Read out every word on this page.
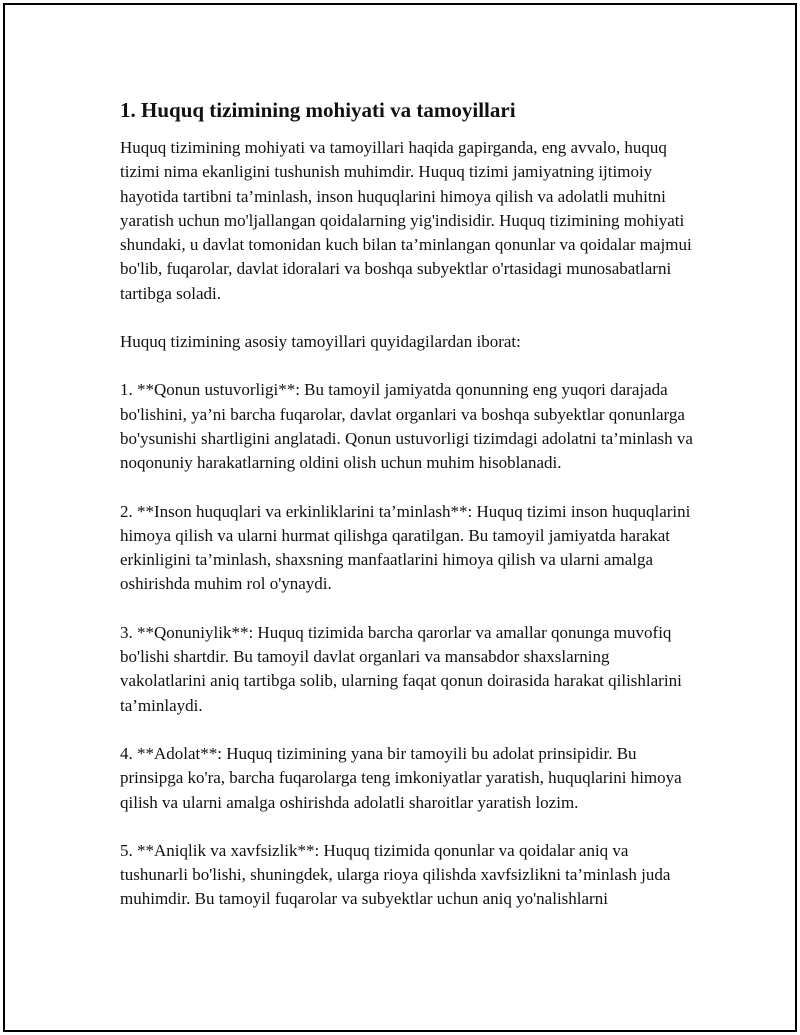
1. Huquq tizimining mohiyati va tamoyillari

Huquq tizimining mohiyati va tamoyillari haqida gapirganda, eng avvalo, huquq tizimi nima ekanligini tushunish muhimdir. Huquq tizimi jamiyatning ijtimoiy hayotida tartibni ta’minlash, inson huquqlarini himoya qilish va adolatli muhitni yaratish uchun mo'ljallangan qoidalarning yig'indisidir. Huquq tizimining mohiyati shundaki, u davlat tomonidan kuch bilan ta’minlangan qonunlar va qoidalar majmui bo'lib, fuqarolar, davlat idoralari va boshqa subyektlar o'rtasidagi munosabatlarni tartibga soladi.

Huquq tizimining asosiy tamoyillari quyidagilardan iborat:

1. **Qonun ustuvorligi**: Bu tamoyil jamiyatda qonunning eng yuqori darajada bo'lishini, ya’ni barcha fuqarolar, davlat organlari va boshqa subyektlar qonunlarga bo'ysunishi shartligini anglatadi. Qonun ustuvorligi tizimdagi adolatni ta’minlash va noqonuniy harakatlarning oldini olish uchun muhim hisoblanadi.

2. **Inson huquqlari va erkinliklarini ta’minlash**: Huquq tizimi inson huquqlarini himoya qilish va ularni hurmat qilishga qaratilgan. Bu tamoyil jamiyatda harakat erkinligini ta’minlash, shaxsning manfaatlarini himoya qilish va ularni amalga oshirishda muhim rol o'ynaydi.

3. **Qonuniylik**: Huquq tizimida barcha qarorlar va amallar qonunga muvofiq bo'lishi shartdir. Bu tamoyil davlat organlari va mansabdor shaxslarning vakolatlarini aniq tartibga solib, ularning faqat qonun doirasida harakat qilishlarini ta’minlaydi.

4. **Adolat**: Huquq tizimining yana bir tamoyili bu adolat prinsipidir. Bu prinsipga ko'ra, barcha fuqarolarga teng imkoniyatlar yaratish, huquqlarini himoya qilish va ularni amalga oshirishda adolatli sharoitlar yaratish lozim.

5. **Aniqlik va xavfsizlik**: Huquq tizimida qonunlar va qoidalar aniq va tushunarli bo'lishi, shuningdek, ularga rioya qilishda xavfsizlikni ta’minlash juda muhimdir. Bu tamoyil fuqarolar va subyektlar uchun aniq yo'nalishlarni
